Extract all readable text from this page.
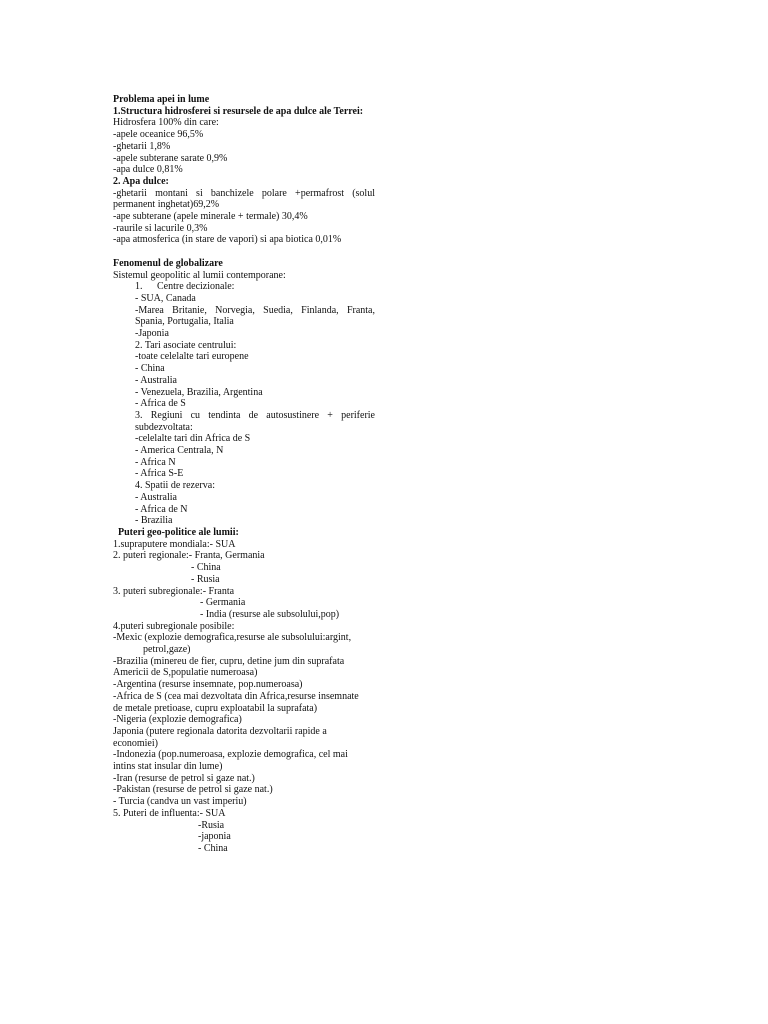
Problema apei in lume
1.Structura hidrosferei si resursele de apa dulce ale Terrei:
Hidrosfera 100% din care:
-apele oceanice 96,5%
-ghetarii 1,8%
-apele subterane sarate 0,9%
-apa dulce 0,81%
2. Apa dulce:
-ghetarii montani si banchizele polare +permafrost (solul
permanent inghetat)69,2%
-ape subterane (apele minerale + termale) 30,4%
-raurile si lacurile 0,3%
-apa atmosferica (in stare de vapori) si apa biotica 0,01%
Fenomenul de globalizare
Sistemul geopolitic al lumii contemporane:
1. Centre decizionale:
- SUA, Canada
-Marea Britanie, Norvegia, Suedia, Finlanda, Franta,
Spania, Portugalia, Italia
-Japonia
2. Tari asociate centrului:
-toate celelalte tari europene
- China
- Australia
- Venezuela, Brazilia, Argentina
- Africa de S
3. Regiuni cu tendinta de autosustinere + periferie
subdezvoltata:
-celelalte tari din Africa de S
- America Centrala, N
- Africa N
- Africa S-E
4. Spatii de rezerva:
- Australia
- Africa de N
- Brazilia
Puteri geo-politice ale lumii:
1.supraputere mondiala:- SUA
2. puteri regionale:- Franta, Germania
- China
- Rusia
3. puteri subregionale:- Franta
- Germania
- India (resurse ale subsolului,pop)
4.puteri subregionale posibile:
-Mexic (explozie demografica,resurse ale subsolului:argint,
petrol,gaze)
-Brazilia (minereu de fier, cupru, detine jum din suprafata
Americii de S,populatie numeroasa)
-Argentina (resurse insemnate, pop.numeroasa)
-Africa de S (cea mai dezvoltata din Africa,resurse insemnate
de metale pretioase, cupru exploatabil la suprafata)
-Nigeria (explozie demografica)
Japonia (putere regionala datorita dezvoltarii rapide a
economiei)
-Indonezia (pop.numeroasa, explozie demografica, cel mai
intins stat insular din lume)
-Iran (resurse de petrol si gaze nat.)
-Pakistan (resurse de petrol si gaze nat.)
- Turcia (candva un vast imperiu)
5. Puteri de influenta:- SUA
-Rusia
-japonia
- China
